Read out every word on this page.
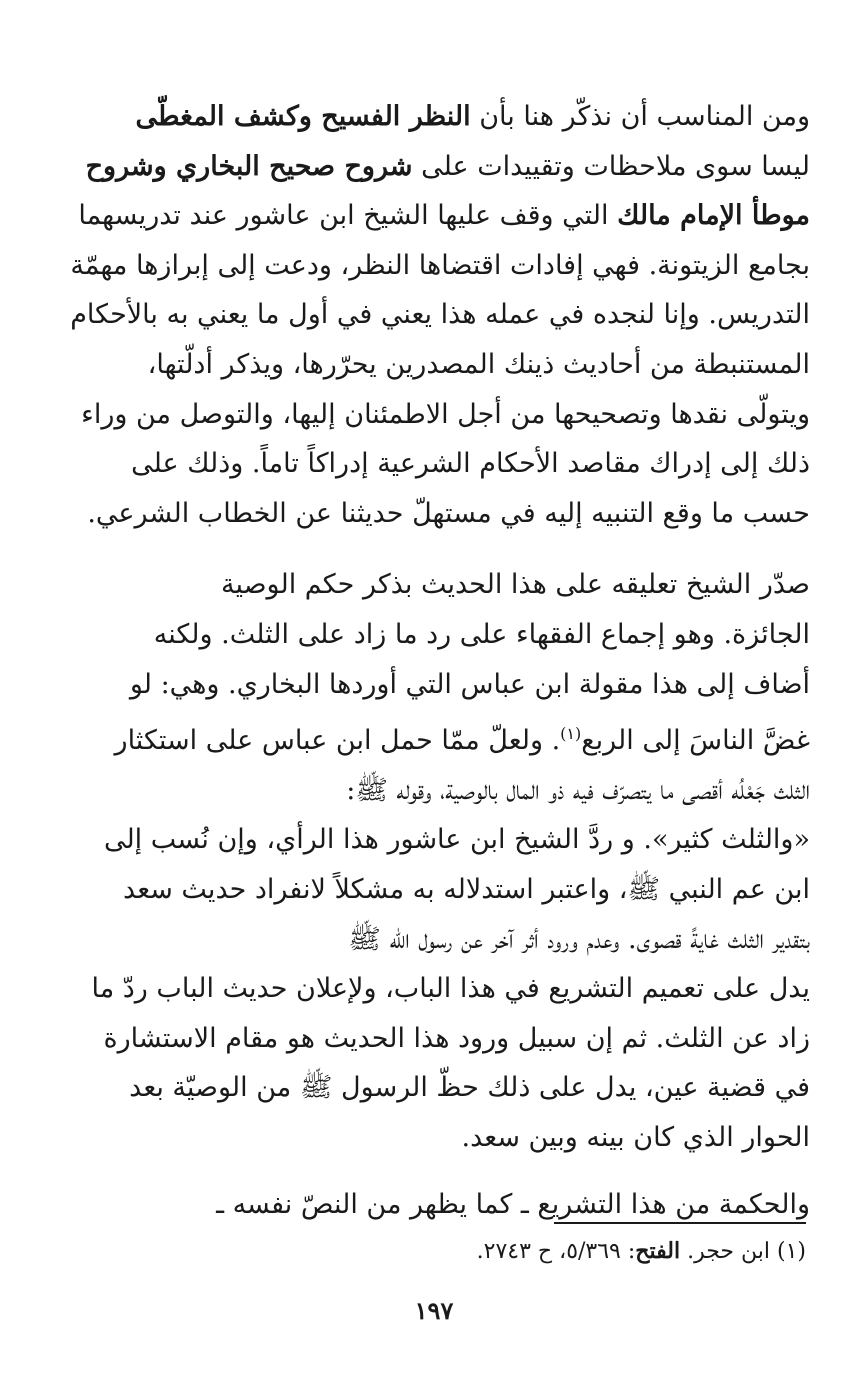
ومن المناسب أن نذكّر هنا بأن النظر الفسيح وكشف المغطّى
ليسا سوى ملاحظات وتقييدات على شروح صحيح البخاري وشروح
موطأ الإمام مالك التي وقف عليها الشيخ ابن عاشور عند تدريسهما
بجامع الزيتونة. فهي إفادات اقتضاها النظر، ودعت إلى إبرازها مهمّة
التدريس. وإنا لنجده في عمله هذا يعني في أول ما يعني به بالأحكام
المستنبطة من أحاديث ذينك المصدرين يحرّرها، ويذكر أدلّتها،
ويتولّى نقدها وتصحيحها من أجل الاطمئنان إليها، والتوصل من وراء
ذلك إلى إدراك مقاصد الأحكام الشرعية إدراكاً تاماً. وذلك على
حسب ما وقع التنبيه إليه في مستهلّ حديثنا عن الخطاب الشرعي.

صدّر الشيخ تعليقه على هذا الحديث بذكر حكم الوصية
الجائزة. وهو إجماع الفقهاء على رد ما زاد على الثلث. ولكنه
أضاف إلى هذا مقولة ابن عباس التي أوردها البخاري. وهي: لو
غضَّ الناسَ إلى الربع$^{(١)}$. ولعلّ ممّا حمل ابن عباس على استكثار
الثلث جَعْلُه أقصى ما يتصرّف فيه ذو المال بالوصية، وقوله ﷺ:
«والثلث كثير». و ردَّ الشيخ ابن عاشور هذا الرأي، وإن نُسب إلى
ابن عم النبي ﷺ، واعتبر استدلاله به مشكلاً لانفراد حديث سعد
بتقدير الثلث غايةً قصوى. وعدم ورود أثر آخر عن رسول الله ﷺ
يدل على تعميم التشريع في هذا الباب، ولإعلان حديث الباب ردّ ما
زاد عن الثلث. ثم إن سبيل ورود هذا الحديث هو مقام الاستشارة
في قضية عين، يدل على ذلك حظّ الرسول ﷺ من الوصيّة بعد
الحوار الذي كان بينه وبين سعد.

والحكمة من هذا التشريع ـ كما يظهر من النصّ نفسه ـ

(١) ابن حجر. الفتح: ٥/٣٦٩، ح ٢٧٤٣.
١٩٧
